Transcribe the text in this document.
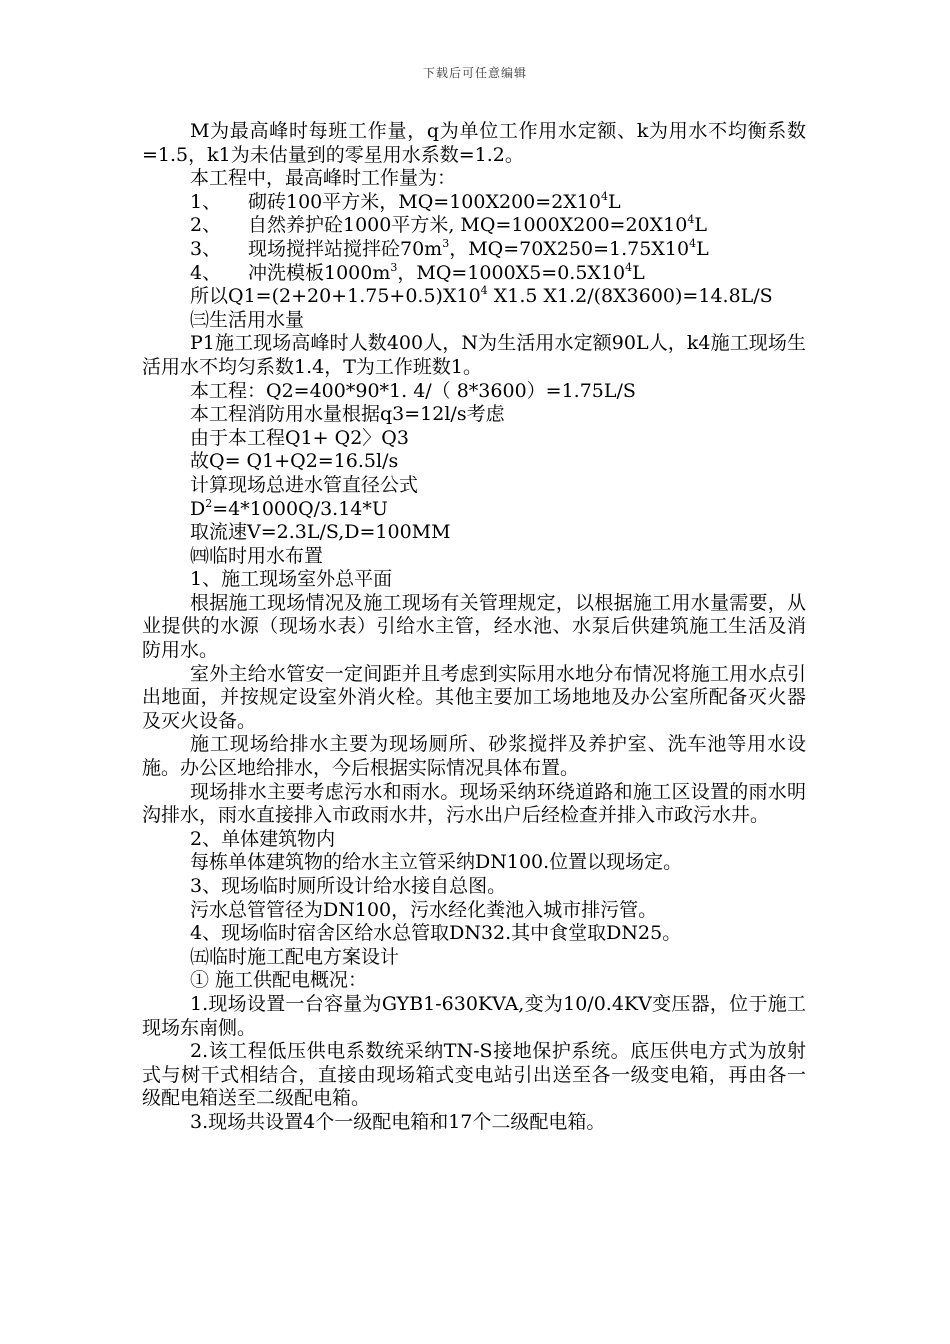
下载后可任意编辑

M为最高峰时每班工作量，q为单位工作用水定额、k为用水不均衡系数=1.5，k1为未估量到的零星用水系数=1.2。

本工程中，最高峰时工作量为：

1、 砌砖100平方米，$MQ=100X200=2X10^4L$

2、 自然养护砼1000平方米, $MQ=1000X200=20X10^4L$

3、 现场搅拌站搅拌砼$70m^3$，$MQ=70X250=1.75X10^4L$

4、 冲洗模板$1000m^3$，$MQ=1000X5=0.5X10^4L$

所以$Q1=(2+20+1.75+0.5)X10^4$ X1.5 X1.2/(8X3600)=14.8L/S

㈢生活用水量

P1施工现场高峰时人数400人，N为生活用水定额90L人，k4施工现场生活用水不均匀系数1.4，T为工作班数1。

本工程：Q2=400*90*1. 4/（ 8*3600）=1.75L/S

本工程消防用水量根据q3=12l/s考虑

由于本工程Q1+ Q2〉Q3

故Q= Q1+Q2=16.5l/s

计算现场总进水管直径公式

$D^2=4*1000Q/3.14*U$

取流速V=2.3L/S,D=100MM

㈣临时用水布置

1、施工现场室外总平面

根据施工现场情况及施工现场有关管理规定，以根据施工用水量需要，从业提供的水源（现场水表）引给水主管，经水池、水泵后供建筑施工生活及消防用水。

室外主给水管安一定间距并且考虑到实际用水地分布情况将施工用水点引出地面，并按规定设室外消火栓。其他主要加工场地地及办公室所配备灭火器及灭火设备。

施工现场给排水主要为现场厕所、砂浆搅拌及养护室、洗车池等用水设施。办公区地给排水，今后根据实际情况具体布置。

现场排水主要考虑污水和雨水。现场采纳环绕道路和施工区设置的雨水明沟排水，雨水直接排入市政雨水井，污水出户后经检查并排入市政污水井。

2、单体建筑物内

每栋单体建筑物的给水主立管采纳DN100.位置以现场定。

3、现场临时厕所设计给水接自总图。

污水总管管径为DN100，污水经化粪池入城市排污管。

4、现场临时宿舍区给水总管取DN32.其中食堂取DN25。

㈤临时施工配电方案设计

① 施工供配电概况：

1.现场设置一台容量为GYB1-630KVA,变为10/0.4KV变压器，位于施工现场东南侧。

2.该工程低压供电系数统采纳TN-S接地保护系统。底压供电方式为放射式与树干式相结合，直接由现场箱式变电站引出送至各一级变电箱，再由各一级配电箱送至二级配电箱。

3.现场共设置4个一级配电箱和17个二级配电箱。
